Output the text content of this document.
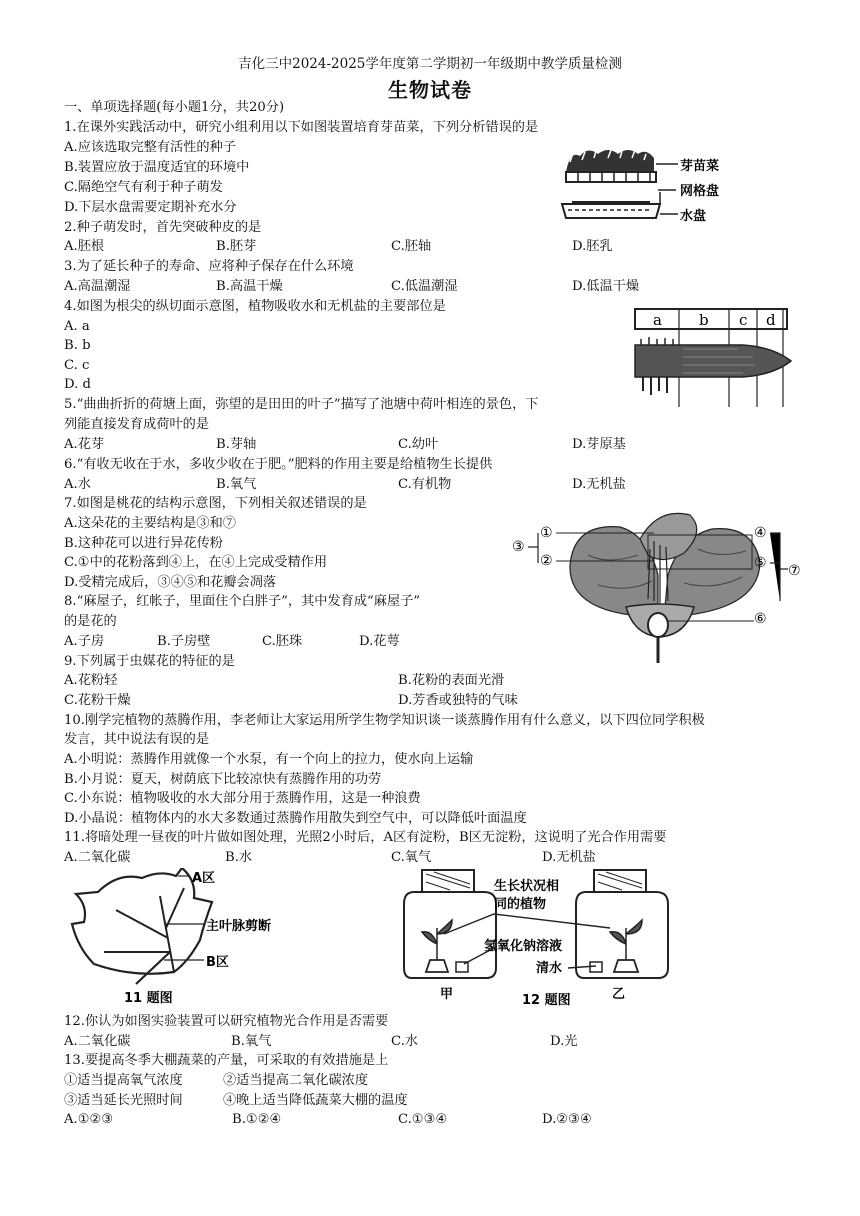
吉化三中2024-2025学年度第二学期初一年级期中教学质量检测
生物试卷
一、单项选择题(每小题1分，共20分)
1.在课外实践活动中，研究小组利用以下如图装置培育芽苗菜，下列分析错误的是
A.应该选取完整有活性的种子
B.装置应放于温度适宜的环境中
C.隔绝空气有利于种子萌发
D.下层水盘需要定期补充水分
芽苗菜
网格盘
水盘
2.种子萌发时，首先突破种皮的是
A.胚根	B.胚芽	C.胚轴	D.胚乳
3.为了延长种子的寿命、应将种子保存在什么环境
A.高温潮湿	B.高温干燥	C.低温潮湿	D.低温干燥
4.如图为根尖的纵切面示意图，植物吸收水和无机盐的主要部位是
A. a
B. b
C. c
D. d
a b c d
5.“曲曲折折的荷塘上面，弥望的是田田的叶子”描写了池塘中荷叶相连的景色，下
列能直接发育成荷叶的是
A.花芽	B.芽轴	C.幼叶	D.芽原基
6.“有收无收在于水，多收少收在于肥。”肥料的作用主要是给植物生长提供
A.水	B.氧气	C.有机物	D.无机盐
7.如图是桃花的结构示意图，下列相关叙述错误的是
A.这朵花的主要结构是③和⑦
B.这种花可以进行异花传粉
C.①中的花粉落到④上，在④上完成受精作用
D.受精完成后，③④⑤和花瓣会凋落
③
①
②
④
⑤ ⑦
⑥
8.“麻屋子，红帐子，里面住个白胖子”，其中发育成“麻屋子”
的是花的
A.子房	B.子房壁	C.胚珠	D.花萼
9.下列属于虫媒花的特征的是
A.花粉轻	B.花粉的表面光滑
C.花粉干燥	D.芳香或独特的气味
10.刚学完植物的蒸腾作用，李老师让大家运用所学生物学知识谈一谈蒸腾作用有什么意义，以下四位同学积极
发言，其中说法有误的是
A.小明说：蒸腾作用就像一个水泵，有一个向上的拉力，使水向上运输
B.小月说：夏天，树荫底下比较凉快有蒸腾作用的功劳
C.小东说：植物吸收的水大部分用于蒸腾作用，这是一种浪费
D.小晶说：植物体内的水大多数通过蒸腾作用散失到空气中，可以降低叶面温度
11.将暗处理一昼夜的叶片做如图处理，光照2小时后，A区有淀粉，B区无淀粉，这说明了光合作用需要
A.二氧化碳	B.水	C.氧气	D.无机盐
A区
主叶脉剪断
B区
11 题图
生长状况相
同的植物
氢氧化钠溶液
清水
甲	乙
12 题图
12.你认为如图实验装置可以研究植物光合作用是否需要
A.二氧化碳	B.氧气	C.水	D.光
13.要提高冬季大棚蔬菜的产量，可采取的有效措施是上
①适当提高氧气浓度	②适当提高二氧化碳浓度
③适当延长光照时间	④晚上适当降低蔬菜大棚的温度
A.①②③	B.①②④	C.①③④	D.②③④
